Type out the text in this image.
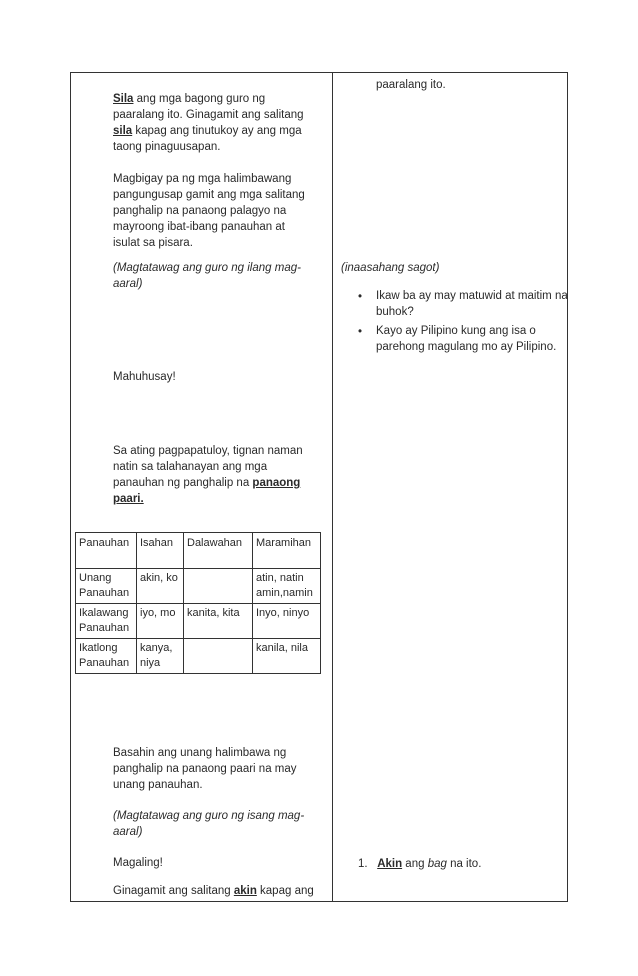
Sila ang mga bagong guro ng paaralang ito. Ginagamit ang salitang sila kapag ang tinutukoy ay ang mga taong pinaguusapan.
Magbigay pa ng mga halimbawang pangungusap gamit ang mga salitang panghalip na panaong palagyo na mayroong ibat-ibang panauhan at isulat sa pisara.
(Magtatawag ang guro ng ilang mag-aaral)
Mahuhusay!
Sa ating pagpapatuloy, tignan naman natin sa talahanayan ang mga panauhan ng panghalip na panaong paari.
Panauhan	Isahan	Dalawahan	Maramihan
Unang Panauhan	akin, ko		atin, natin amin,namin
Ikalawang Panauhan	iyo, mo	kanita, kita	Inyo, ninyo
Ikatlong Panauhan	kanya, niya		kanila, nila
Basahin ang unang halimbawa ng panghalip na panaong paari na may unang panauhan.
(Magtatawag ang guro ng isang mag-aaral)
Magaling!
Ginagamit ang salitang akin kapag ang
paaralang ito.
(inaasahang sagot)
• Ikaw ba ay may matuwid at maitim na buhok?
• Kayo ay Pilipino kung ang isa o parehong magulang mo ay Pilipino.
1. Akin ang bag na ito.
